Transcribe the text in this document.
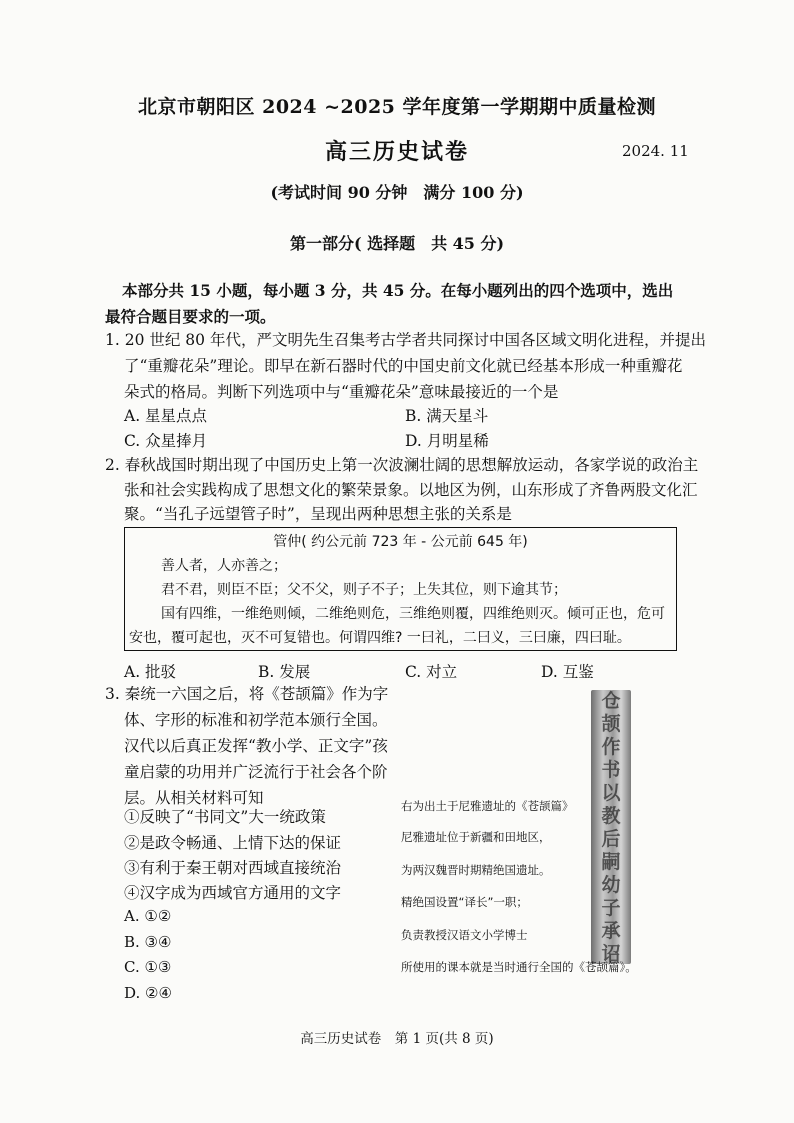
北京市朝阳区 2024 ~2025 学年度第一学期期中质量检测
高三历史试卷	2024. 11
(考试时间 90 分钟　满分 100 分)
第一部分( 选择题　共 45 分)
本部分共 15 小题，每小题 3 分，共 45 分。在每小题列出的四个选项中，选出最符合题目要求的一项。
1. 20 世纪 80 年代，严文明先生召集考古学者共同探讨中国各区域文明化进程，并提出
了“重瓣花朵”理论。即早在新石器时代的中国史前文化就已经基本形成一种重瓣花
朵式的格局。判断下列选项中与“重瓣花朵”意味最接近的一个是
A. 星星点点	B. 满天星斗
C. 众星捧月	D. 月明星稀
2. 春秋战国时期出现了中国历史上第一次波澜壮阔的思想解放运动，各家学说的政治主
张和社会实践构成了思想文化的繁荣景象。以地区为例，山东形成了齐鲁两股文化汇
聚。“当孔子远望管子时”，呈现出两种思想主张的关系是
管仲( 约公元前 723 年 - 公元前 645 年)
善人者，人亦善之；
君不君，则臣不臣；父不父，则子不子；上失其位，则下逾其节；
国有四维，一维绝则倾，二维绝则危，三维绝则覆，四维绝则灭。倾可正也，危可
安也，覆可起也，灭不可复错也。何谓四维? 一曰礼，二曰义，三曰廉，四曰耻。
A. 批驳	B. 发展	C. 对立	D. 互鉴
3. 秦统一六国之后，将《苍颉篇》作为字
体、字形的标准和初学范本颁行全国。
汉代以后真正发挥“教小学、正文字”孩
童启蒙的功用并广泛流行于社会各个阶
层。从相关材料可知
①反映了“书同文”大一统政策
②是政令畅通、上情下达的保证
③有利于秦王朝对西域直接统治
④汉字成为西域官方通用的文字
A. ①②
B. ③④
C. ①③
D. ②④
仓
颉
作
书
以
教
后
嗣
幼
子
承
诏
右为出土于尼雅遗址的《苍颉篇》
尼雅遗址位于新疆和田地区，
为两汉魏晋时期精绝国遗址。
精绝国设置“译长”一职；
负责教授汉语文小学博士
所使用的课本就是当时通行全国的《苍颉篇》。
高三历史试卷　第 1 页(共 8 页)
